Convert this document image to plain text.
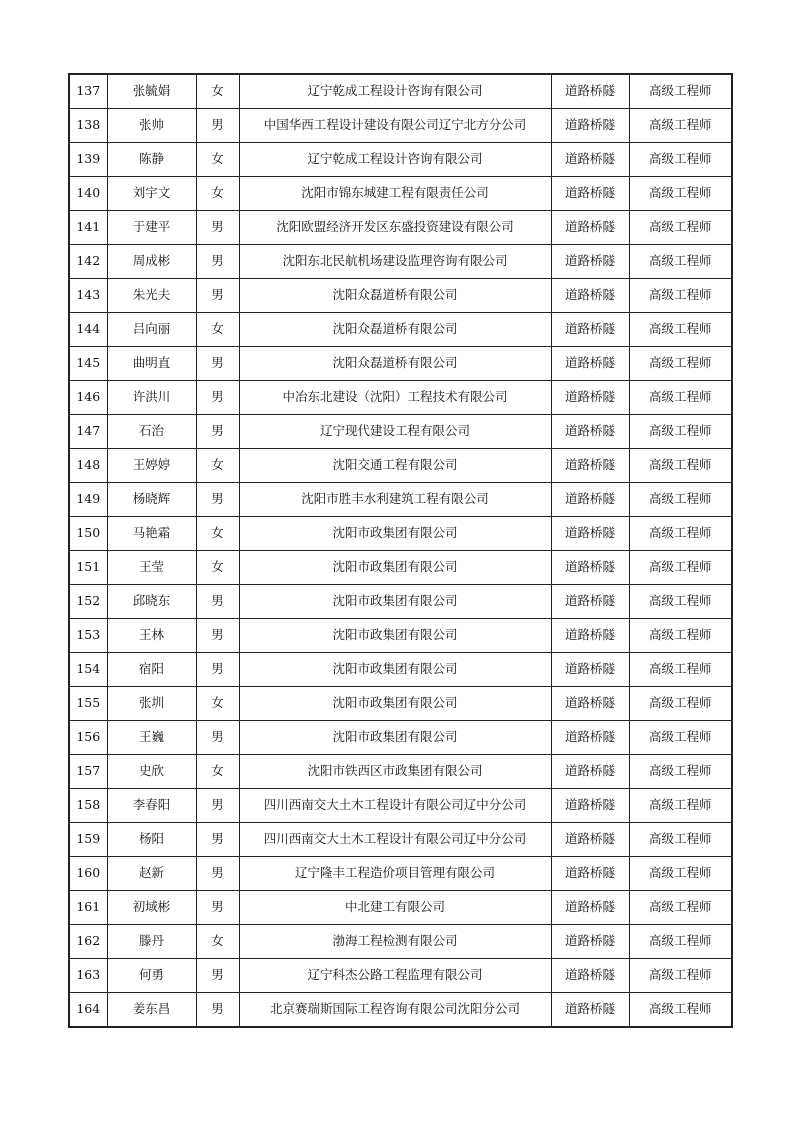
137	张毓娟	女	辽宁乾成工程设计咨询有限公司	道路桥隧	高级工程师
138	张帅	男	中国华西工程设计建设有限公司辽宁北方分公司	道路桥隧	高级工程师
139	陈静	女	辽宁乾成工程设计咨询有限公司	道路桥隧	高级工程师
140	刘宇文	女	沈阳市锦东城建工程有限责任公司	道路桥隧	高级工程师
141	于建平	男	沈阳欧盟经济开发区东盛投资建设有限公司	道路桥隧	高级工程师
142	周成彬	男	沈阳东北民航机场建设监理咨询有限公司	道路桥隧	高级工程师
143	朱光夫	男	沈阳众磊道桥有限公司	道路桥隧	高级工程师
144	吕向丽	女	沈阳众磊道桥有限公司	道路桥隧	高级工程师
145	曲明直	男	沈阳众磊道桥有限公司	道路桥隧	高级工程师
146	许洪川	男	中冶东北建设（沈阳）工程技术有限公司	道路桥隧	高级工程师
147	石治	男	辽宁现代建设工程有限公司	道路桥隧	高级工程师
148	王婷婷	女	沈阳交通工程有限公司	道路桥隧	高级工程师
149	杨晓辉	男	沈阳市胜丰水利建筑工程有限公司	道路桥隧	高级工程师
150	马艳霜	女	沈阳市政集团有限公司	道路桥隧	高级工程师
151	王莹	女	沈阳市政集团有限公司	道路桥隧	高级工程师
152	邱晓东	男	沈阳市政集团有限公司	道路桥隧	高级工程师
153	王林	男	沈阳市政集团有限公司	道路桥隧	高级工程师
154	宿阳	男	沈阳市政集团有限公司	道路桥隧	高级工程师
155	张圳	女	沈阳市政集团有限公司	道路桥隧	高级工程师
156	王巍	男	沈阳市政集团有限公司	道路桥隧	高级工程师
157	史欣	女	沈阳市铁西区市政集团有限公司	道路桥隧	高级工程师
158	李春阳	男	四川西南交大土木工程设计有限公司辽中分公司	道路桥隧	高级工程师
159	杨阳	男	四川西南交大土木工程设计有限公司辽中分公司	道路桥隧	高级工程师
160	赵新	男	辽宁隆丰工程造价项目管理有限公司	道路桥隧	高级工程师
161	初域彬	男	中北建工有限公司	道路桥隧	高级工程师
162	滕丹	女	渤海工程检测有限公司	道路桥隧	高级工程师
163	何勇	男	辽宁科杰公路工程监理有限公司	道路桥隧	高级工程师
164	姜东昌	男	北京赛瑞斯国际工程咨询有限公司沈阳分公司	道路桥隧	高级工程师
